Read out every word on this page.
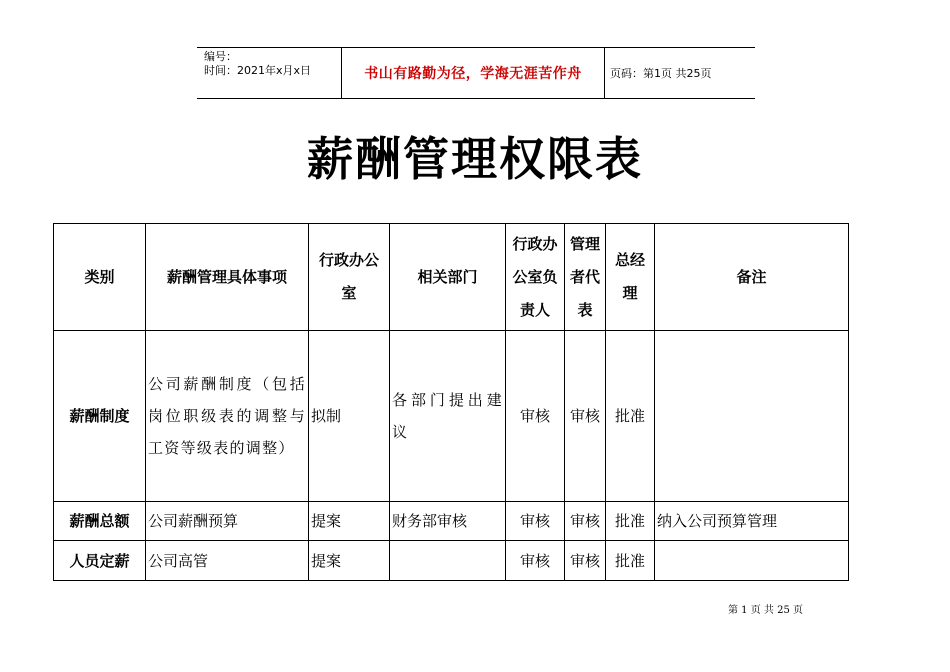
编号：
时间：2021年x月x日	书山有路勤为径，学海无涯苦作舟	页码：第1页 共25页
薪酬管理权限表
类别	薪酬管理具体事项	行政办公室	相关部门	行政办公室负责人	管理者代表	总经理	备注
薪酬制度	公司薪酬制度（包括岗位职级表的调整与工资等级表的调整）	拟制	各部门提出建议	审核	审核	批准	
薪酬总额	公司薪酬预算	提案	财务部审核	审核	审核	批准	纳入公司预算管理
人员定薪	公司高管	提案		审核	审核	批准	
第 1 页 共 25 页
